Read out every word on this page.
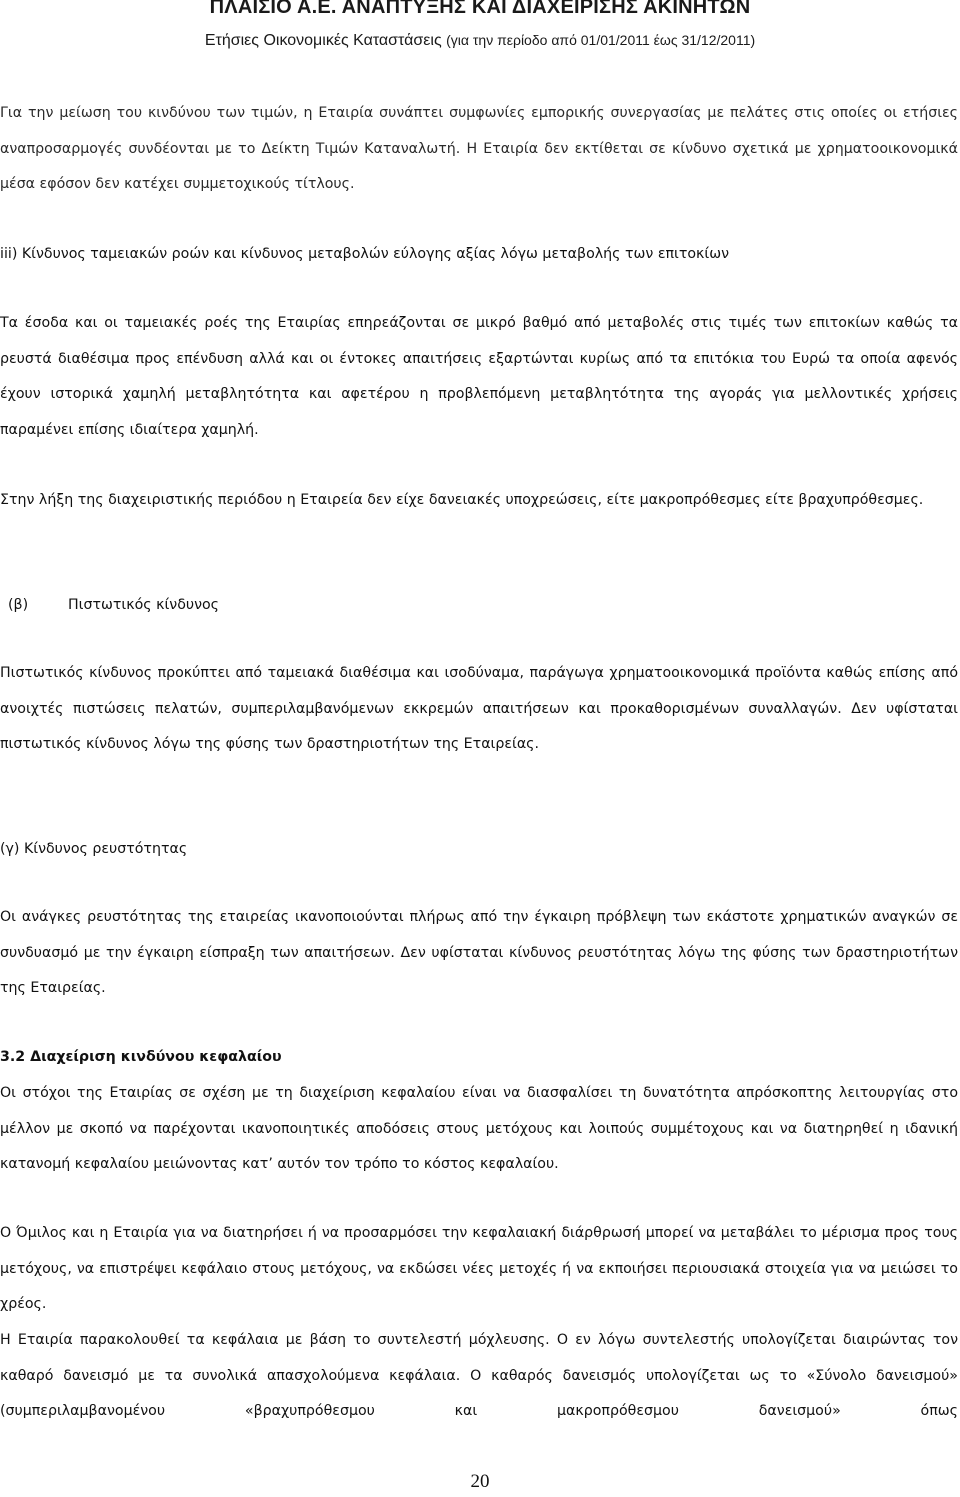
ΠΛΑΙΣΙΟ Α.Ε. ΑΝΑΠΤΥΞΗΣ ΚΑΙ ΔΙΑΧΕΙΡΙΣΗΣ ΑΚΙΝΗΤΩΝ
Ετήσιες Οικονομικές Καταστάσεις (για την περίοδο από 01/01/2011 έως 31/12/2011)

Για την μείωση του κινδύνου των τιμών, η Εταιρία συνάπτει συμφωνίες εμπορικής συνεργασίας με πελάτες στις οποίες οι ετήσιες αναπροσαρμογές συνδέονται με το Δείκτη Τιμών Καταναλωτή. Η Εταιρία δεν εκτίθεται σε κίνδυνο σχετικά με χρηματοοικονομικά μέσα εφόσον δεν κατέχει συμμετοχικούς τίτλους.

iii) Κίνδυνος ταμειακών ροών και κίνδυνος μεταβολών εύλογης αξίας λόγω μεταβολής των επιτοκίων

Τα έσοδα και οι ταμειακές ροές της Εταιρίας επηρεάζονται σε μικρό βαθμό από μεταβολές στις τιμές των επιτοκίων καθώς τα ρευστά διαθέσιμα προς επένδυση αλλά και οι έντοκες απαιτήσεις εξαρτώνται κυρίως από τα επιτόκια του Ευρώ τα οποία αφενός έχουν ιστορικά χαμηλή μεταβλητότητα και αφετέρου η προβλεπόμενη μεταβλητότητα της αγοράς για μελλοντικές χρήσεις παραμένει επίσης ιδιαίτερα χαμηλή.

Στην λήξη της διαχειριστικής περιόδου η Εταιρεία δεν είχε δανειακές υποχρεώσεις, είτε μακροπρόθεσμες είτε βραχυπρόθεσμες.

(β)	Πιστωτικός κίνδυνος

Πιστωτικός κίνδυνος προκύπτει από ταμειακά διαθέσιμα και ισοδύναμα, παράγωγα χρηματοοικονομικά προϊόντα καθώς επίσης από ανοιχτές πιστώσεις πελατών, συμπεριλαμβανόμενων εκκρεμών απαιτήσεων και προκαθορισμένων συναλλαγών. Δεν υφίσταται πιστωτικός κίνδυνος λόγω της φύσης των δραστηριοτήτων της Εταιρείας.

(γ) Κίνδυνος ρευστότητας

Οι ανάγκες ρευστότητας της εταιρείας ικανοποιούνται πλήρως από την έγκαιρη πρόβλεψη των εκάστοτε χρηματικών αναγκών σε συνδυασμό με την έγκαιρη είσπραξη των απαιτήσεων. Δεν υφίσταται κίνδυνος ρευστότητας λόγω της φύσης των δραστηριοτήτων της Εταιρείας.

3.2 Διαχείριση κινδύνου κεφαλαίου

Οι στόχοι της Εταιρίας σε σχέση με τη διαχείριση κεφαλαίου είναι να διασφαλίσει τη δυνατότητα απρόσκοπτης λειτουργίας στο μέλλον με σκοπό να παρέχονται ικανοποιητικές αποδόσεις στους μετόχους και λοιπούς συμμέτοχους και να διατηρηθεί η ιδανική κατανομή κεφαλαίου μειώνοντας κατ’ αυτόν τον τρόπο το κόστος κεφαλαίου.

Ο Όμιλος και η Εταιρία για να διατηρήσει ή να προσαρμόσει την κεφαλαιακή διάρθρωσή μπορεί να μεταβάλει το μέρισμα προς τους μετόχους, να επιστρέψει κεφάλαιο στους μετόχους, να εκδώσει νέες μετοχές ή να εκποιήσει περιουσιακά στοιχεία για να μειώσει το χρέος.

Η Εταιρία παρακολουθεί τα κεφάλαια με βάση το συντελεστή μόχλευσης. Ο εν λόγω συντελεστής υπολογίζεται διαιρώντας τον καθαρό δανεισμό με τα συνολικά απασχολούμενα κεφάλαια. Ο καθαρός δανεισμός υπολογίζεται ως το «Σύνολο δανεισμού» (συμπεριλαμβανομένου «βραχυπρόθεσμου και μακροπρόθεσμου δανεισμού» όπως

20
